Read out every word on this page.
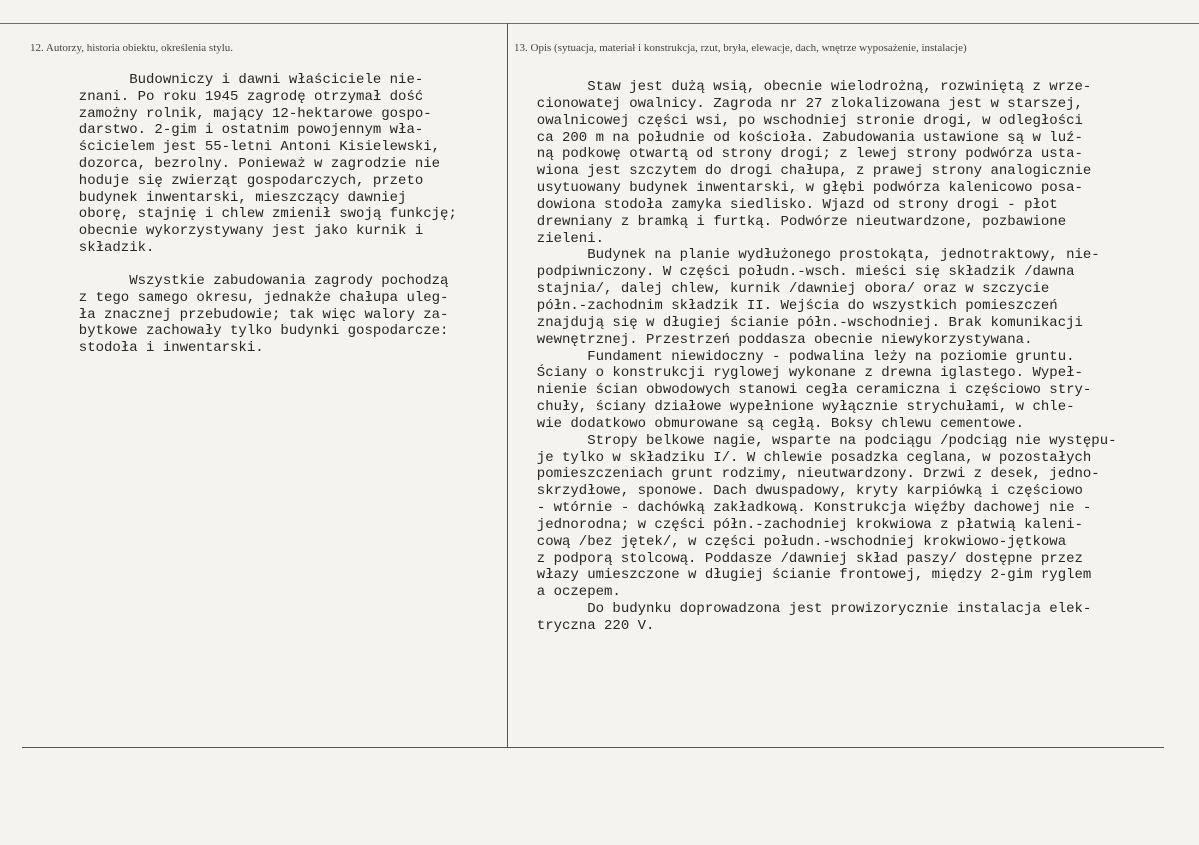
12. Autorzy, historia obiektu, określenia stylu.	13. Opis (sytuacja, materiał i konstrukcja, rzut, bryła, elewacje, dach, wnętrze wyposażenie, instalacje)
Budowniczy i dawni właściciele nie-
znani. Po roku 1945 zagrodę otrzymał dość
zamożny rolnik, mający 12-hektarowe gospo-
darstwo. 2-gim i ostatnim powojennym wła-
ścicielem jest 55-letni Antoni Kisielewski,
dozorca, bezrolny. Ponieważ w zagrodzie nie
hoduje się zwierząt gospodarczych, przeto
budynek inwentarski, mieszczący dawniej
oborę, stajnię i chlew zmienił swoją funkcję;
obecnie wykorzystywany jest jako kurnik i
składzik.
Wszystkie zabudowania zagrody pochodzą
z tego samego okresu, jednakże chałupa uleg-
ła znacznej przebudowie; tak więc walory za-
bytkowe zachowały tylko budynki gospodarcze:
stodoła i inwentarski.
Staw jest dużą wsią, obecnie wielodrożną, rozwiniętą z wrze-
cionowatej owalnicy. Zagroda nr 27 zlokalizowana jest w starszej,
owalnicowej części wsi, po wschodniej stronie drogi, w odległości
ca 200 m na południe od kościoła. Zabudowania ustawione są w luź-
ną podkowę otwartą od strony drogi; z lewej strony podwórza usta-
wiona jest szczytem do drogi chałupa, z prawej strony analogicznie
usytuowany budynek inwentarski, w głębi podwórza kalenicowo posa-
dowiona stodoła zamyka siedlisko. Wjazd od strony drogi - płot
drewniany z bramką i furtką. Podwórze nieutwardzone, pozbawione
zieleni.
Budynek na planie wydłużonego prostokąta, jednotraktowy, nie-
podpiwniczony. W części połudn.-wsch. mieści się składzik /dawna
stajnia/, dalej chlew, kurnik /dawniej obora/ oraz w szczycie
półn.-zachodnim składzik II. Wejścia do wszystkich pomieszczeń
znajdują się w długiej ścianie półn.-wschodniej. Brak komunikacji
wewnętrznej. Przestrzeń poddasza obecnie niewykorzystywana.
Fundament niewidoczny - podwalina leży na poziomie gruntu.
Ściany o konstrukcji ryglowej wykonane z drewna iglastego. Wypeł-
nienie ścian obwodowych stanowi cegła ceramiczna i częściowo stry-
chuły, ściany działowe wypełnione wyłącznie strychułami, w chle-
wie dodatkowo obmurowane są cegłą. Boksy chlewu cementowe.
Stropy belkowe nagie, wsparte na podciągu /podciąg nie występu-
je tylko w składziku I/. W chlewie posadzka ceglana, w pozostałych
pomieszczeniach grunt rodzimy, nieutwardzony. Drzwi z desek, jedno-
skrzydłowe, sponowe. Dach dwuspadowy, kryty karpiówką i częściowo
- wtórnie - dachówką zakładkową. Konstrukcja więźby dachowej nie -
jednorodna; w części półn.-zachodniej krokwiowa z płatwią kaleni-
cową /bez jętek/, w części połudn.-wschodniej krokwiowo-jętkowa
z podporą stolcową. Poddasze /dawniej skład paszy/ dostępne przez
włazy umieszczone w długiej ścianie frontowej, między 2-gim ryglem
a oczepem.
Do budynku doprowadzona jest prowizorycznie instalacja elek-
tryczna 220 V.
